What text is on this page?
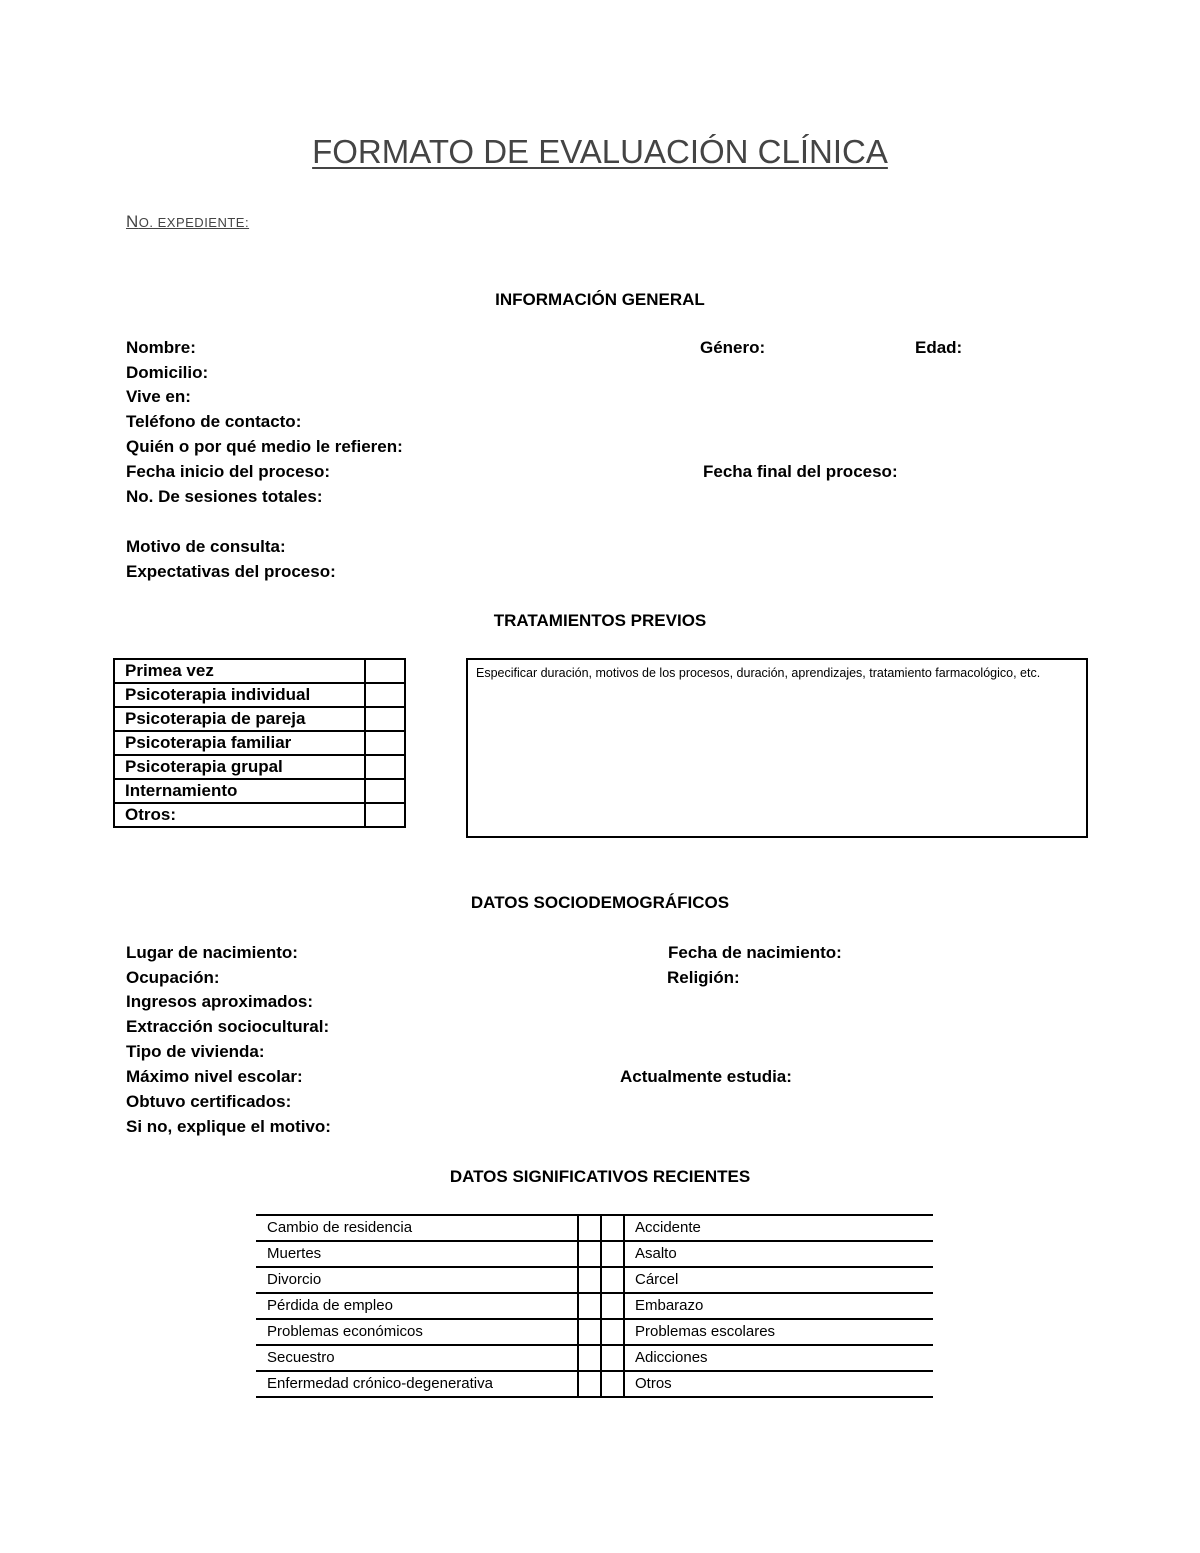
FORMATO DE EVALUACIÓN CLÍNICA
NO. EXPEDIENTE:
INFORMACIÓN GENERAL
Nombre:	Género:	Edad:
Domicilio:
Vive en:
Teléfono de contacto:
Quién o por qué medio le refieren:
Fecha inicio del proceso:	Fecha final del proceso:
No. De sesiones totales:
Motivo de consulta:
Expectativas del proceso:
TRATAMIENTOS PREVIOS
Primea vez	
Psicoterapia individual	
Psicoterapia de pareja	
Psicoterapia familiar	
Psicoterapia grupal	
Internamiento	
Otros:	
Especificar duración, motivos de los procesos, duración, aprendizajes, tratamiento farmacológico, etc.
DATOS SOCIODEMOGRÁFICOS
Lugar de nacimiento:	Fecha de nacimiento:
Ocupación:	Religión:
Ingresos aproximados:
Extracción sociocultural:
Tipo de vivienda:
Máximo nivel escolar:	Actualmente estudia:
Obtuvo certificados:
Si no, explique el motivo:
DATOS SIGNIFICATIVOS RECIENTES
Cambio de residencia			Accidente
Muertes			Asalto
Divorcio			Cárcel
Pérdida de empleo			Embarazo
Problemas económicos			Problemas escolares
Secuestro			Adicciones
Enfermedad crónico-degenerativa			Otros
